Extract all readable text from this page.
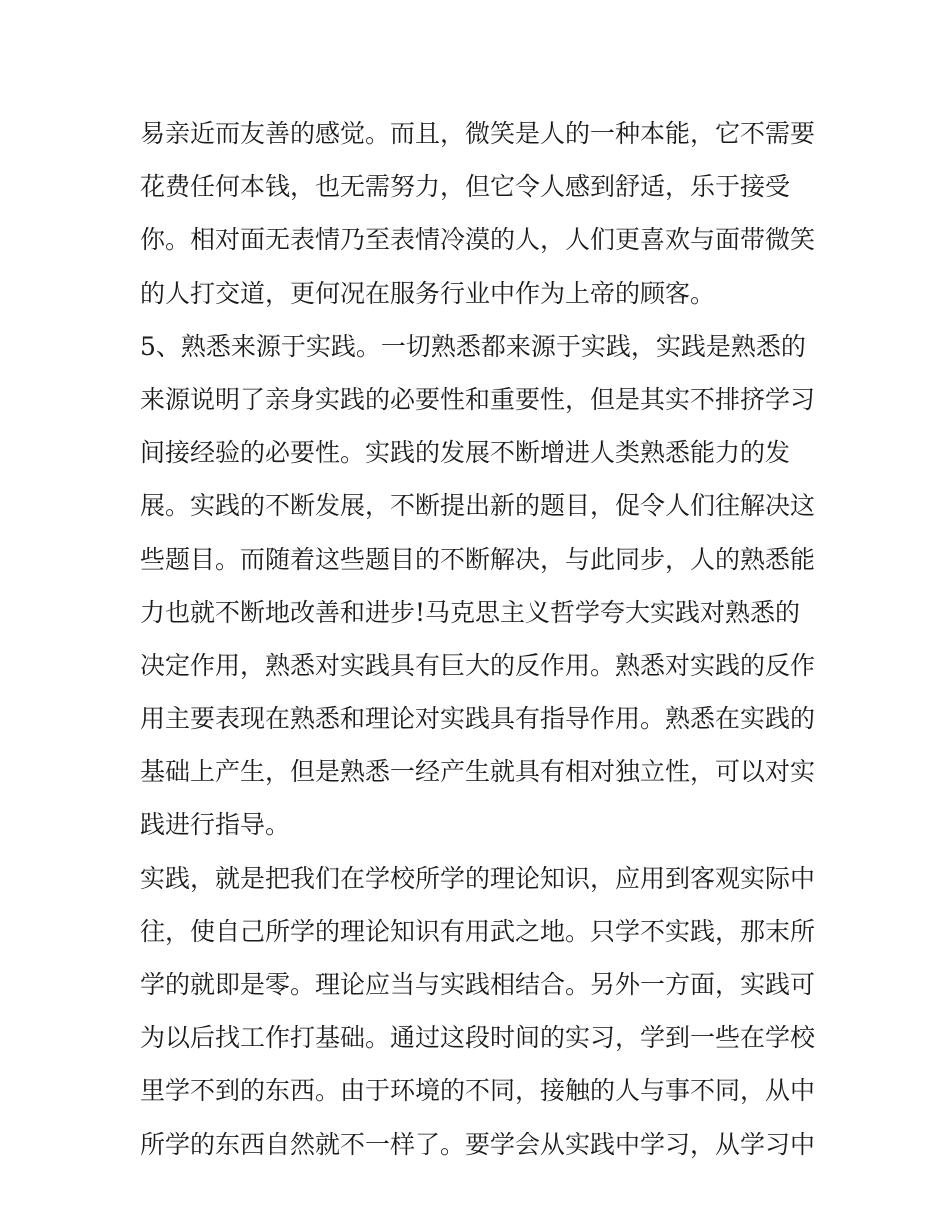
易亲近而友善的感觉。而且，微笑是人的一种本能，它不需要
花费任何本钱，也无需努力，但它令人感到舒适，乐于接受
你。相对面无表情乃至表情冷漠的人，人们更喜欢与面带微笑
的人打交道，更何况在服务行业中作为上帝的顾客。
5、熟悉来源于实践。一切熟悉都来源于实践，实践是熟悉的
来源说明了亲身实践的必要性和重要性，但是其实不排挤学习
间接经验的必要性。实践的发展不断增进人类熟悉能力的发
展。实践的不断发展，不断提出新的题目，促令人们往解决这
些题目。而随着这些题目的不断解决，与此同步，人的熟悉能
力也就不断地改善和进步!马克思主义哲学夸大实践对熟悉的
决定作用，熟悉对实践具有巨大的反作用。熟悉对实践的反作
用主要表现在熟悉和理论对实践具有指导作用。熟悉在实践的
基础上产生，但是熟悉一经产生就具有相对独立性，可以对实
践进行指导。
实践，就是把我们在学校所学的理论知识，应用到客观实际中
往，使自己所学的理论知识有用武之地。只学不实践，那末所
学的就即是零。理论应当与实践相结合。另外一方面，实践可
为以后找工作打基础。通过这段时间的实习，学到一些在学校
里学不到的东西。由于环境的不同，接触的人与事不同，从中
所学的东西自然就不一样了。要学会从实践中学习，从学习中
